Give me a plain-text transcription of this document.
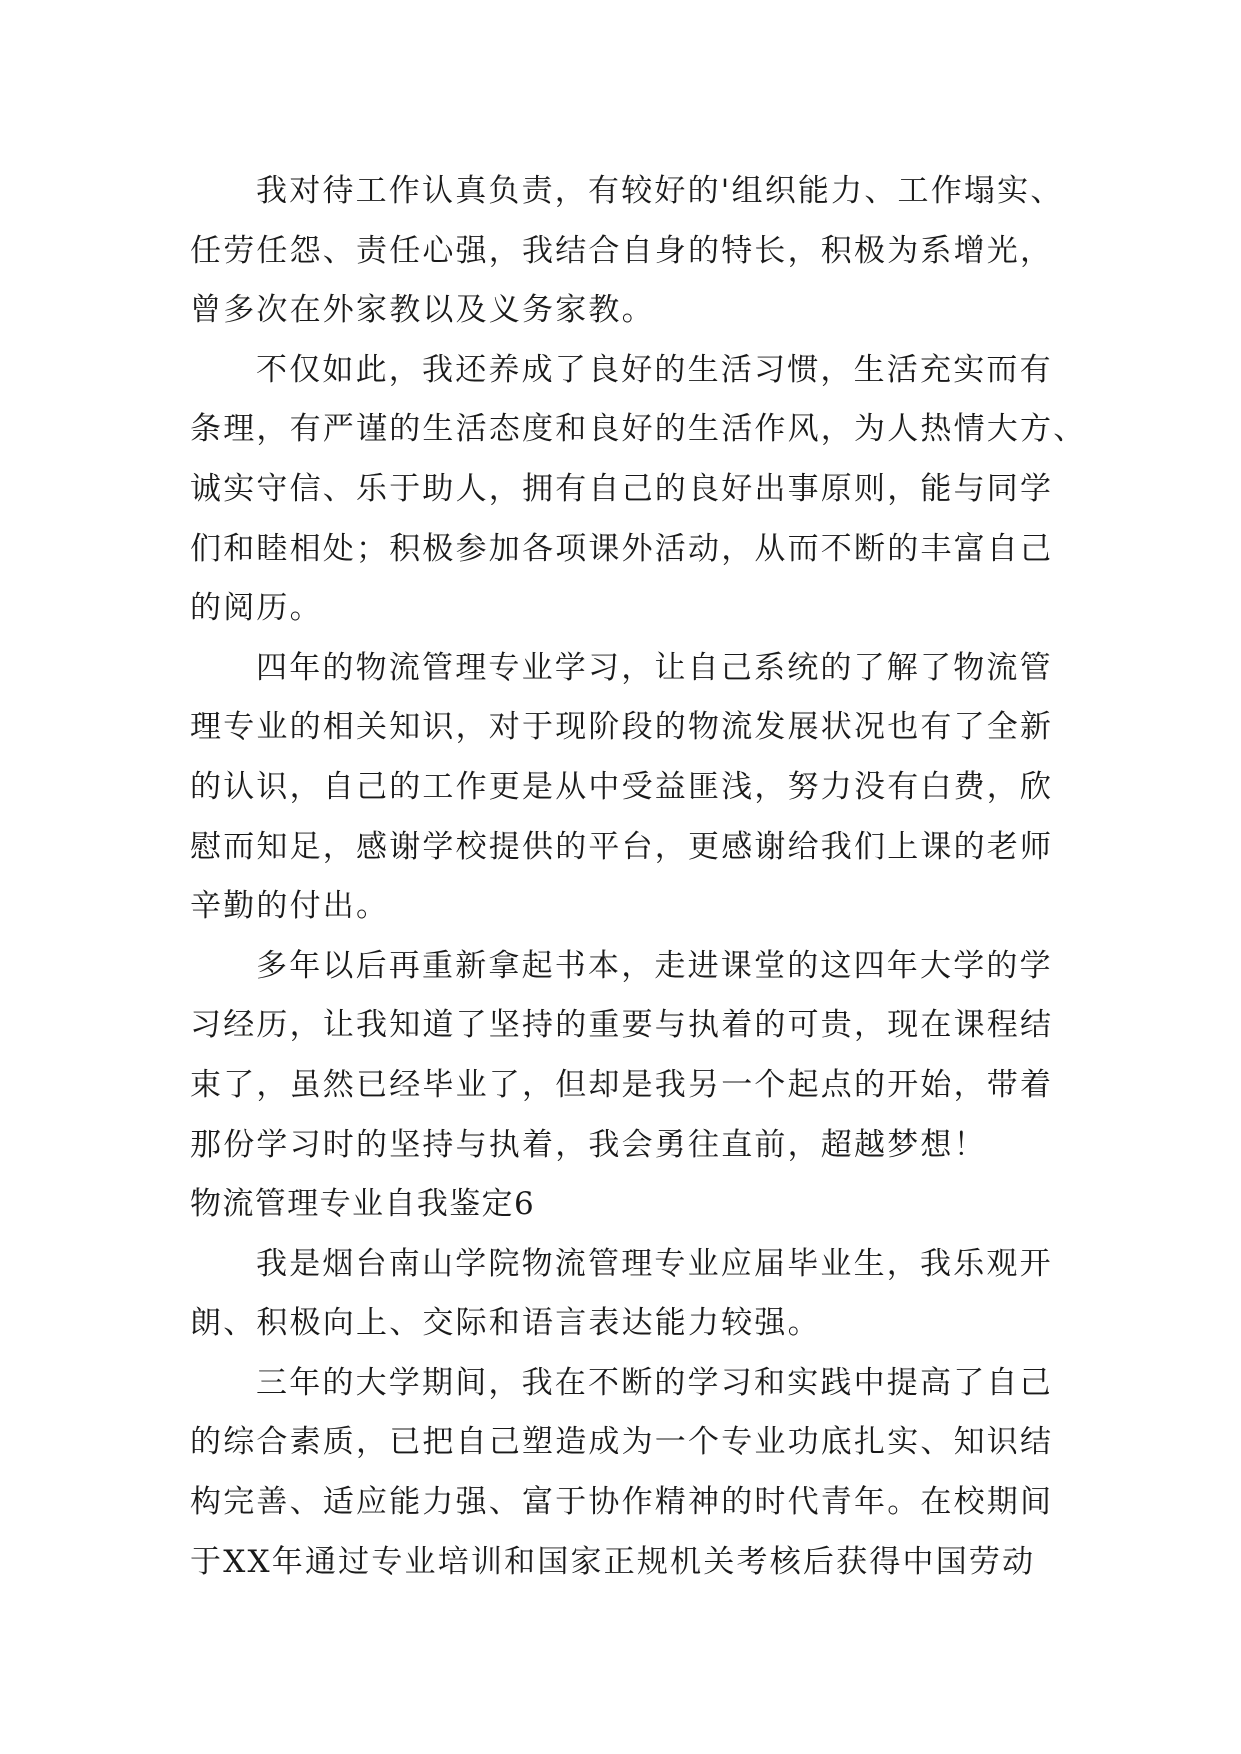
我对待工作认真负责，有较好的'组织能力、工作塌实、
任劳任怨、责任心强，我结合自身的特长，积极为系增光，
曾多次在外家教以及义务家教。
不仅如此，我还养成了良好的生活习惯，生活充实而有
条理，有严谨的生活态度和良好的生活作风，为人热情大方、
诚实守信、乐于助人，拥有自己的良好出事原则，能与同学
们和睦相处；积极参加各项课外活动，从而不断的丰富自己
的阅历。
四年的物流管理专业学习，让自己系统的了解了物流管
理专业的相关知识，对于现阶段的物流发展状况也有了全新
的认识，自己的工作更是从中受益匪浅，努力没有白费，欣
慰而知足，感谢学校提供的平台，更感谢给我们上课的老师
辛勤的付出。
多年以后再重新拿起书本，走进课堂的这四年大学的学
习经历，让我知道了坚持的重要与执着的可贵，现在课程结
束了，虽然已经毕业了，但却是我另一个起点的开始，带着
那份学习时的坚持与执着，我会勇往直前，超越梦想！
物流管理专业自我鉴定6
我是烟台南山学院物流管理专业应届毕业生，我乐观开
朗、积极向上、交际和语言表达能力较强。
三年的大学期间，我在不断的学习和实践中提高了自己
的综合素质，已把自己塑造成为一个专业功底扎实、知识结
构完善、适应能力强、富于协作精神的时代青年。在校期间
于XX年通过专业培训和国家正规机关考核后获得中国劳动
